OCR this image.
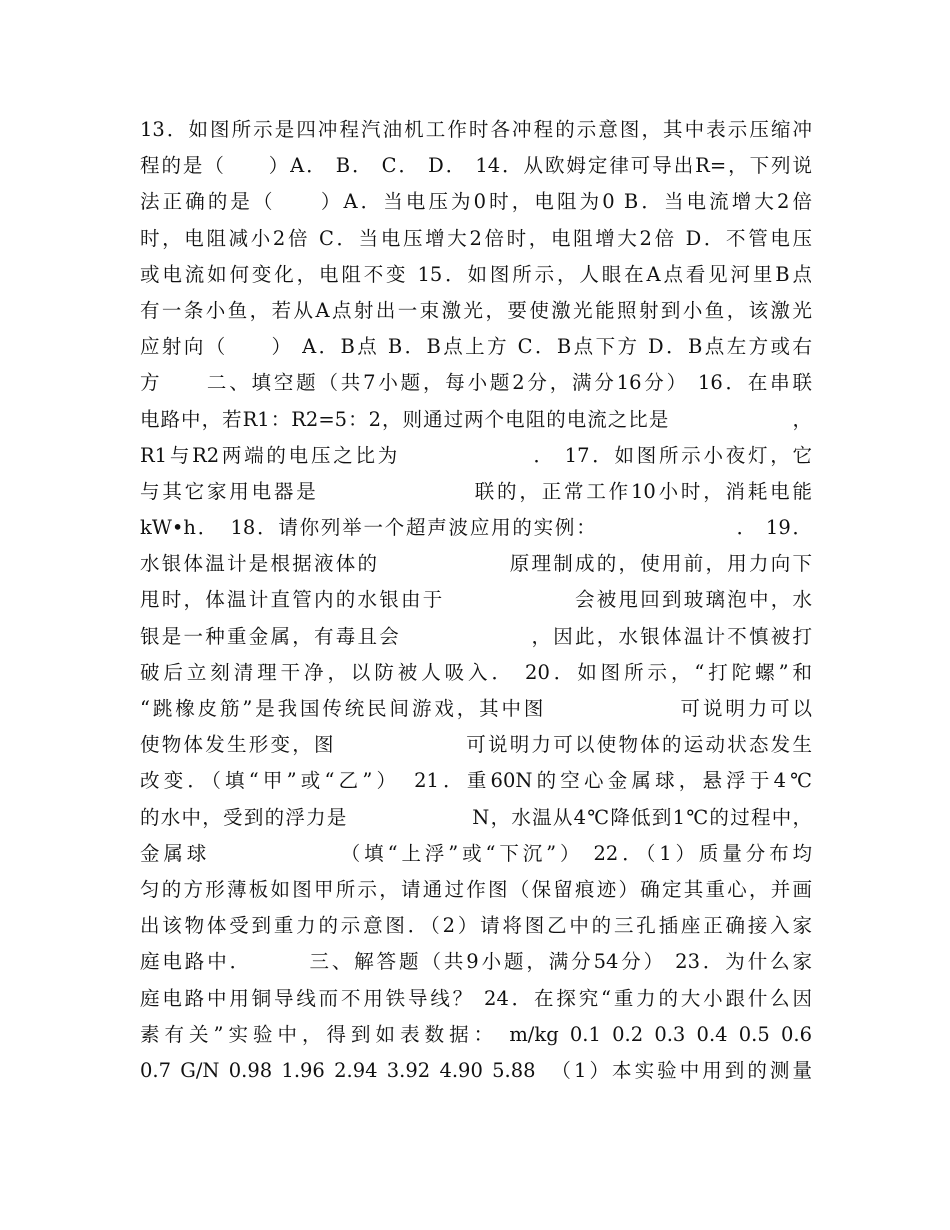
13．如图所示是四冲程汽油机工作时各冲程的示意图，其中表示压缩冲
程的是（　　）A． B． C． D． 14．从欧姆定律可导出R=，下列说
法正确的是（　　）A．当电压为0时，电阻为0 B．当电流增大2倍
时，电阻减小2倍 C．当电压增大2倍时，电阻增大2倍 D．不管电压
或电流如何变化，电阻不变 15．如图所示，人眼在A点看见河里B点
有一条小鱼，若从A点射出一束激光，要使激光能照射到小鱼，该激光
应射向（　　） A．B点 B．B点上方 C．B点下方 D．B点左方或右
方　　二、填空题（共7小题，每小题2分，满分16分） 16．在串联
电路中，若R1：R2=5：2，则通过两个电阻的电流之比是　　　　　　，
R1与R2两端的电压之比为　　　　　　． 17．如图所示小夜灯，它
与其它家用电器是　　　　　　　联的，正常工作10小时，消耗电能
kW•h．　18．请你列举一个超声波应用的实例：　　　　　　　． 19．
水银体温计是根据液体的　　　　　　原理制成的，使用前，用力向下
甩时，体温计直管内的水银由于　　　　　　会被甩回到玻璃泡中，水
银是一种重金属，有毒且会　　　　　　，因此，水银体温计不慎被打
破后立刻清理干净，以防被人吸入． 20．如图所示，“打陀螺”和
“跳橡皮筋”是我国传统民间游戏，其中图　　　　　　可说明力可以
使物体发生形变，图　　　　　　可说明力可以使物体的运动状态发生
改变．（填“甲”或“乙”）　21．重60N的空心金属球，悬浮于4℃
的水中，受到的浮力是　　　　　　N，水温从4℃降低到1℃的过程中，
金属球　　　　　　（填“上浮”或“下沉”） 22．（1）质量分布均
匀的方形薄板如图甲所示，请通过作图（保留痕迹）确定其重心，并画
出该物体受到重力的示意图．（2）请将图乙中的三孔插座正确接入家
庭电路中．　　　三、解答题（共9小题，满分54分） 23．为什么家
庭电路中用铜导线而不用铁导线？ 24．在探究“重力的大小跟什么因
素有关”实验中，得到如表数据： m/kg 0.1 0.2 0.3 0.4 0.5 0.6
0.7 G/N 0.98 1.96 2.94 3.92 4.90 5.88　（1）本实验中用到的测量
